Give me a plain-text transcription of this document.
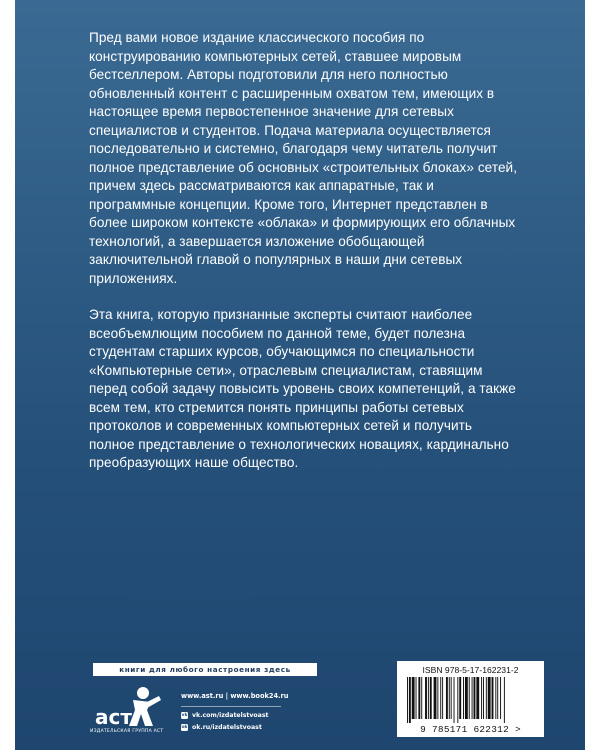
Пред вами новое издание классического пособия по конструированию компьютерных сетей, ставшее мировым бестселлером. Авторы подготовили для него полностью обновленный контент с расширенным охватом тем, имеющих в настоящее время первостепенное значение для сетевых специалистов и студентов. Подача материала осуществляется последовательно и системно, благодаря чему читатель получит полное представление об основных «строительных блоках» сетей, причем здесь рассматриваются как аппаратные, так и программные концепции. Кроме того, Интернет представлен в более широком контексте «облака» и формирующих его облачных технологий, а завершается изложение обобщающей заключительной главой о популярных в наши дни сетевых приложениях.

Эта книга, которую признанные эксперты считают наиболее всеобъемлющим пособием по данной теме, будет полезна студентам старших курсов, обучающимся по специальности «Компьютерные сети», отраслевым специалистам, ставящим перед собой задачу повысить уровень своих компетенций, а также всем тем, кто стремится понять принципы работы сетевых протоколов и современных компьютерных сетей и получить полное представление о технологических новациях, кардинально преобразующих наше общество.

книги для любого настроения здесь
аст
ИЗДАТЕЛЬСКАЯ ГРУППА АСТ
www.ast.ru | www.book24.ru
vk vk.com/izdatelstvoast
ok ok.ru/izdatelstvoast
ISBN 978-5-17-162231-2
9 785171 622312 >
